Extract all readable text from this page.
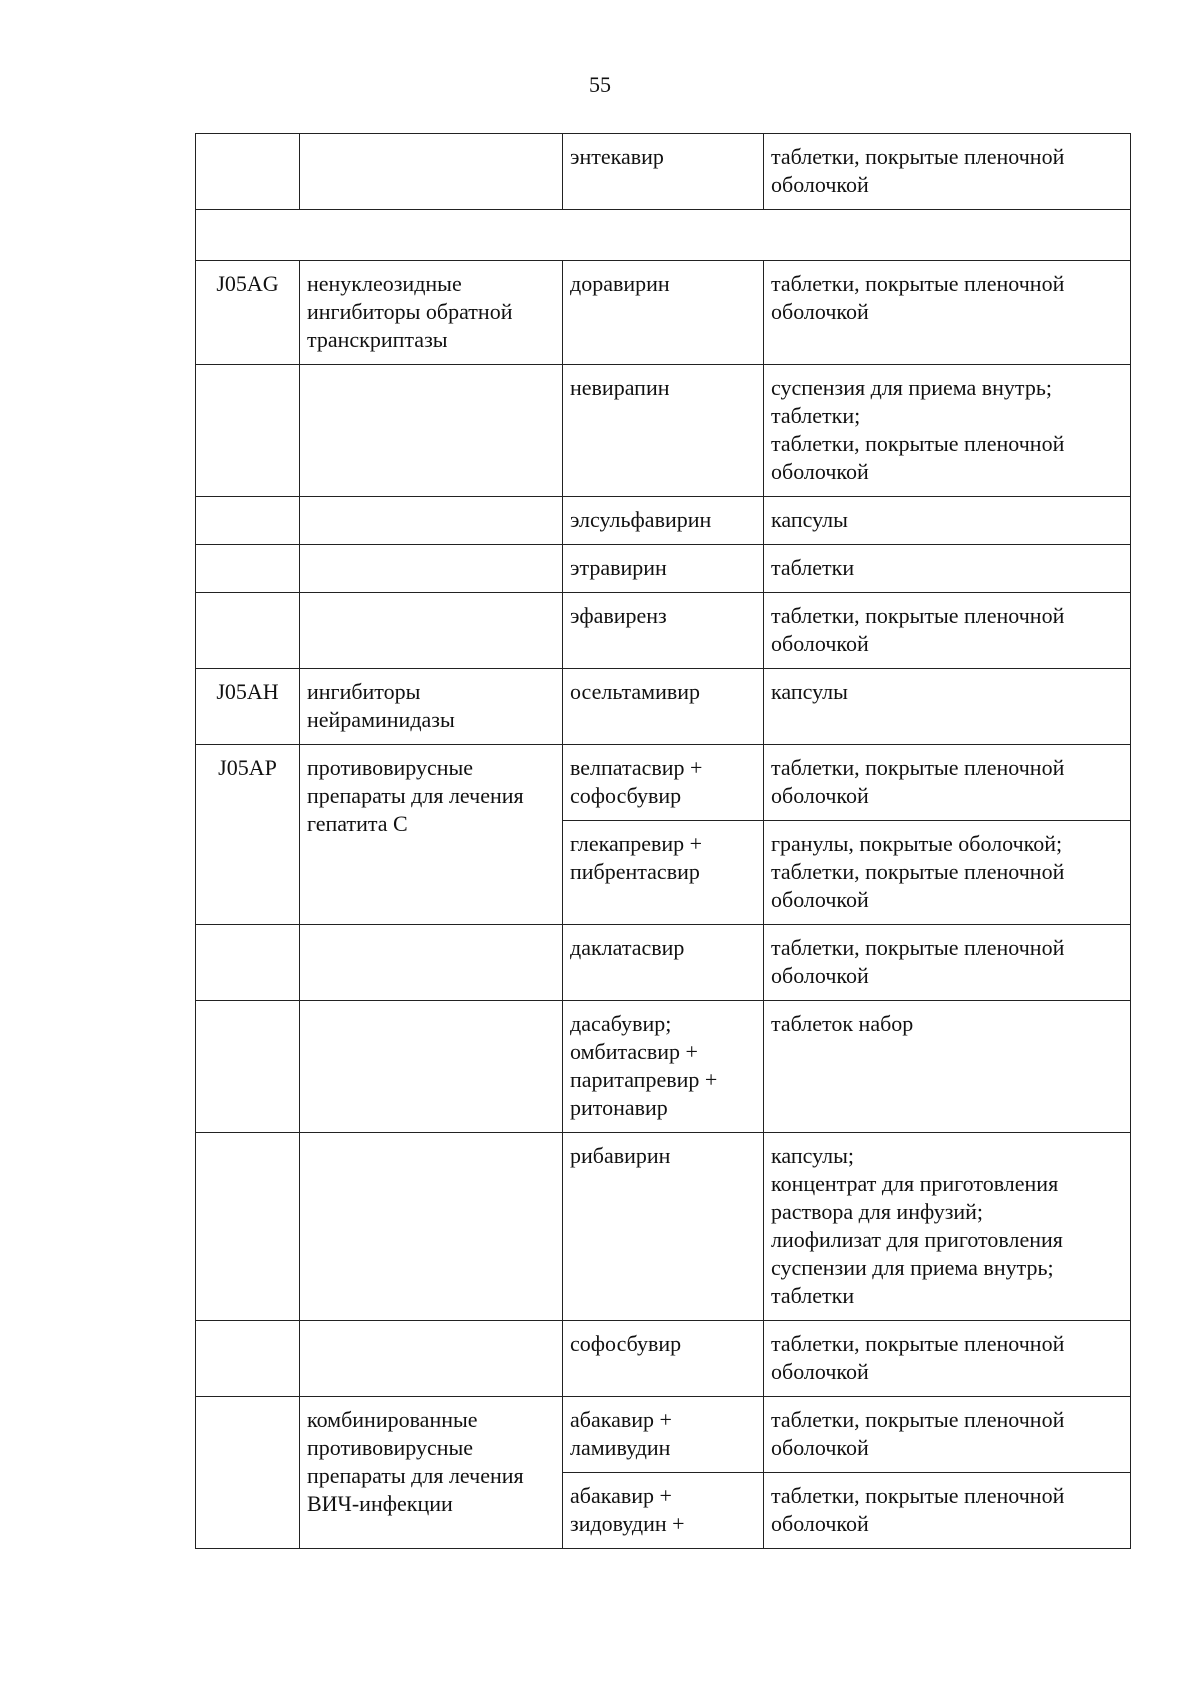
55
		энтекавир	таблетки, покрытые пленочной оболочкой

J05AG	ненуклеозидные ингибиторы обратной транскриптазы	доравирин	таблетки, покрытые пленочной оболочкой
		невирапин	суспензия для приема внутрь;
таблетки;
таблетки, покрытые пленочной оболочкой
		элсульфавирин	капсулы
		этравирин	таблетки
		эфавиренз	таблетки, покрытые пленочной оболочкой
J05AH	ингибиторы нейраминидазы	осельтамивир	капсулы
J05AP	противовирусные препараты для лечения гепатита С	велпатасвир + софосбувир	таблетки, покрытые пленочной оболочкой
		глекапревир + пибрентасвир	гранулы, покрытые оболочкой;
таблетки, покрытые пленочной оболочкой
		даклатасвир	таблетки, покрытые пленочной оболочкой
		дасабувир;
омбитасвир + паритапревир + ритонавир	таблеток набор
		рибавирин	капсулы;
концентрат для приготовления раствора для инфузий;
лиофилизат для приготовления суспензии для приема внутрь;
таблетки
		софосбувир	таблетки, покрытые пленочной оболочкой
	комбинированные противовирусные препараты для лечения ВИЧ-инфекции	абакавир + ламивудин	таблетки, покрытые пленочной оболочкой
		абакавир + зидовудин +	таблетки, покрытые пленочной оболочкой
